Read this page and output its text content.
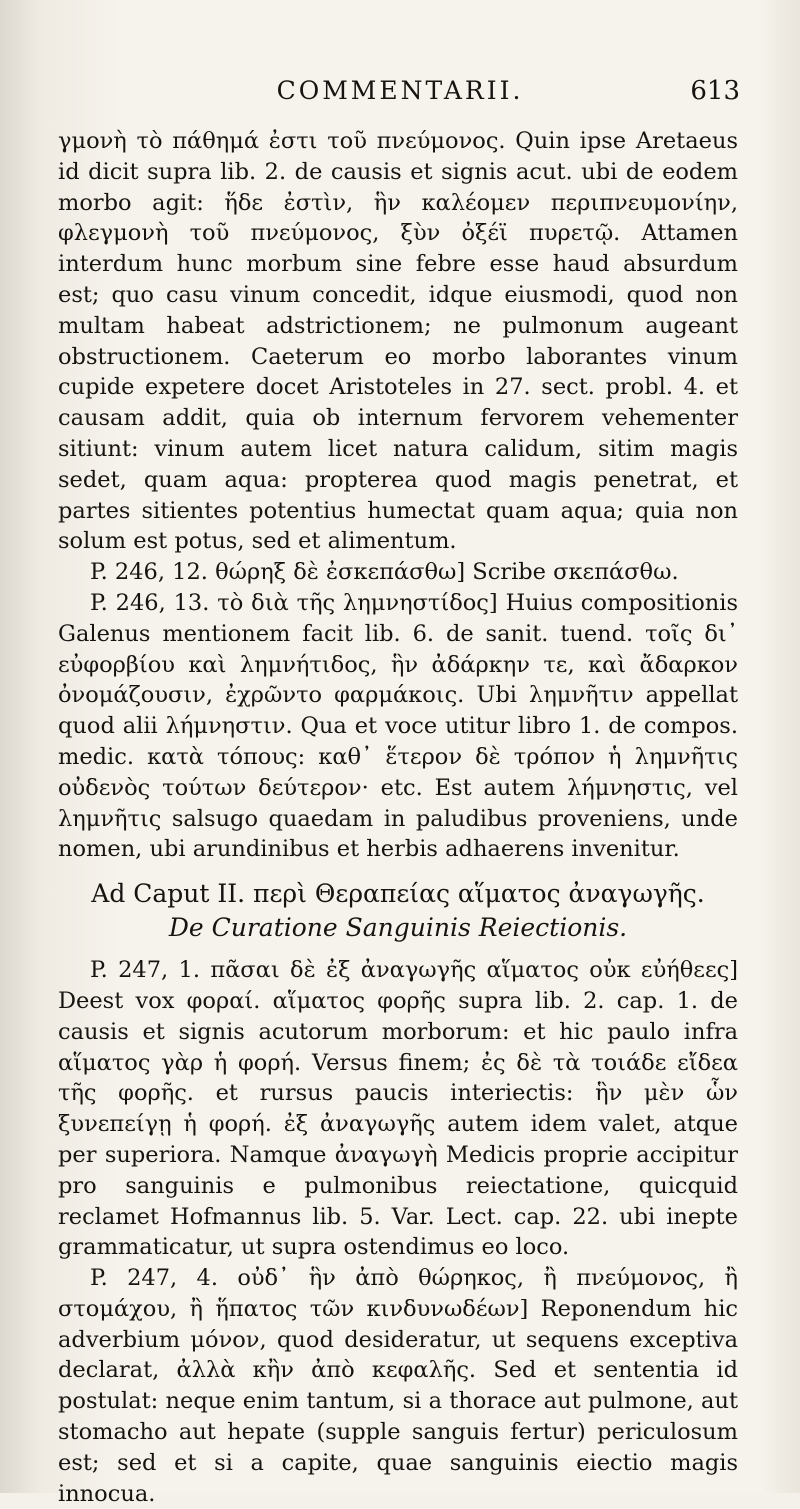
COMMENTARII.	613

γμονὴ τὸ πάθημά ἐστι τοῦ πνεύμονος. Quin ipse Aretaeus id dicit supra lib. 2. de causis et signis acut. ubi de eodem morbo agit: ἥδε ἐστὶν, ἣν καλέομεν περιπνευμονίην, φλεγμονὴ τοῦ πνεύμονος, ξὺν ὀξέϊ πυρετῷ. Attamen interdum hunc morbum sine febre esse haud absurdum est; quo casu vinum concedit, idque eiusmodi, quod non multam habeat adstrictionem; ne pulmonum augeant obstructionem. Caeterum eo morbo laborantes vinum cupide expetere docet Aristoteles in 27. sect. probl. 4. et causam addit, quia ob internum fervorem vehementer sitiunt: vinum autem licet natura calidum, sitim magis sedet, quam aqua: propterea quod magis penetrat, et partes sitientes potentius humectat quam aqua; quia non solum est potus, sed et alimentum.

P. 246, 12. θώρηξ δὲ ἐσκεπάσθω] Scribe σκεπάσθω.

P. 246, 13. τὸ διὰ τῆς λημνηστίδος] Huius compositionis Galenus mentionem facit lib. 6. de sanit. tuend. τοῖς δι᾽ εὐφορβίου καὶ λημνήτιδος, ἣν ἀδάρκην τε, καὶ ἄδαρκον ὀνομάζουσιν, ἐχρῶντο φαρμάκοις. Ubi λημνῆτιν appellat quod alii λήμνηστιν. Qua et voce utitur libro 1. de compos. medic. κατὰ τόπους: καθ᾽ ἕτερον δὲ τρόπον ἡ λημνῆτις οὐδενὸς τούτων δεύτερον· etc. Est autem λήμνηστις, vel λημνῆτις salsugo quaedam in paludibus proveniens, unde nomen, ubi arundinibus et herbis adhaerens invenitur.

Ad Caput II. περὶ Θεραπείας αἵματος ἀναγωγῆς.
De Curatione Sanguinis Reiectionis.

P. 247, 1. πᾶσαι δὲ ἐξ ἀναγωγῆς αἵματος οὐκ εὐήθεες] Deest vox φοραί. αἵματος φορῆς supra lib. 2. cap. 1. de causis et signis acutorum morborum: et hic paulo infra αἵματος γὰρ ἡ φορή. Versus finem; ἐς δὲ τὰ τοιάδε εἴδεα τῆς φορῆς. et rursus paucis interiectis: ἣν μὲν ὧν ξυνεπείγῃ ἡ φορή. ἐξ ἀναγωγῆς autem idem valet, atque per superiora. Namque ἀναγωγὴ Medicis proprie accipitur pro sanguinis e pulmonibus reiectatione, quicquid reclamet Hofmannus lib. 5. Var. Lect. cap. 22. ubi inepte grammaticatur, ut supra ostendimus eo loco.

P. 247, 4. οὐδ᾽ ἣν ἀπὸ θώρηκος, ἢ πνεύμονος, ἢ στομάχου, ἢ ἥπατος τῶν κινδυνωδέων] Reponendum hic adverbium μόνον, quod desideratur, ut sequens exceptiva declarat, ἀλλὰ κἢν ἀπὸ κεφαλῆς. Sed et sententia id postulat: neque enim tantum, si a thorace aut pulmone, aut stomacho aut hepate (supple sanguis fertur) periculosum est; sed et si a capite, quae sanguinis eiectio magis innocua.
